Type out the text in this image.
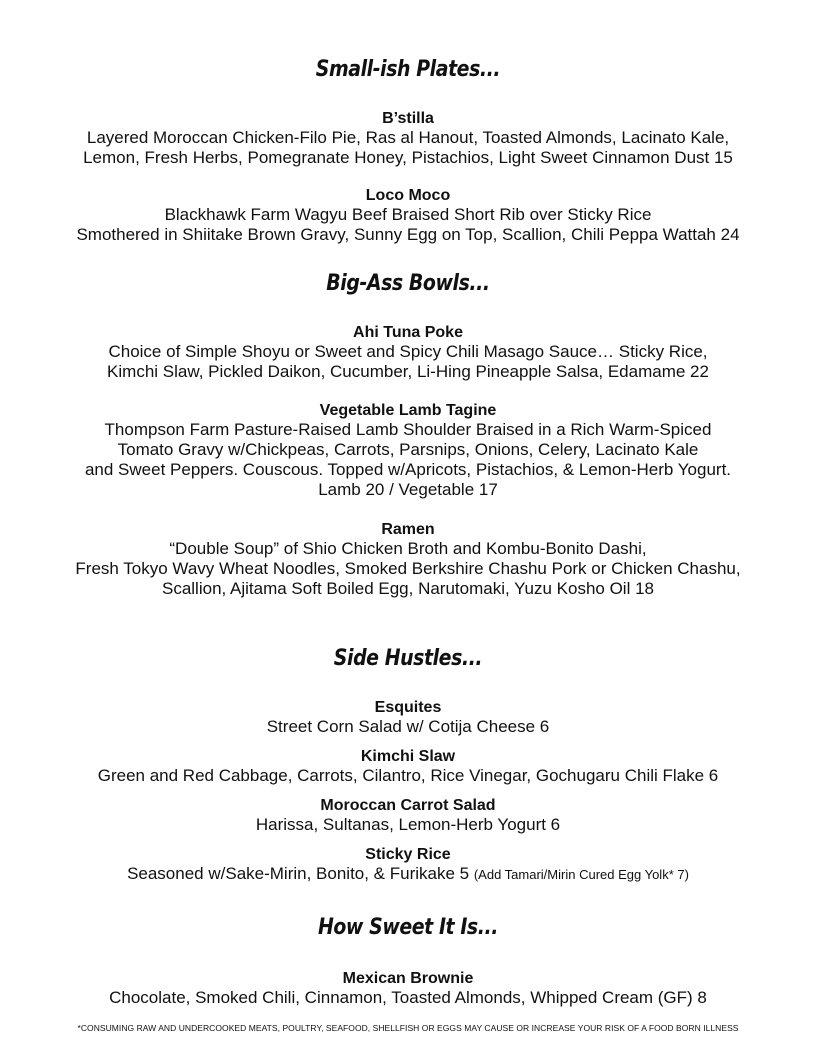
Small-ish Plates...
B’stilla
Layered Moroccan Chicken-Filo Pie, Ras al Hanout, Toasted Almonds, Lacinato Kale,
Lemon, Fresh Herbs, Pomegranate Honey, Pistachios, Light Sweet Cinnamon Dust 15
Loco Moco
Blackhawk Farm Wagyu Beef Braised Short Rib over Sticky Rice
Smothered in Shiitake Brown Gravy, Sunny Egg on Top, Scallion, Chili Peppa Wattah 24
Big-Ass Bowls...
Ahi Tuna Poke
Choice of Simple Shoyu or Sweet and Spicy Chili Masago Sauce… Sticky Rice,
Kimchi Slaw, Pickled Daikon, Cucumber, Li-Hing Pineapple Salsa, Edamame 22
Vegetable Lamb Tagine
Thompson Farm Pasture-Raised Lamb Shoulder Braised in a Rich Warm-Spiced
Tomato Gravy w/Chickpeas, Carrots, Parsnips, Onions, Celery, Lacinato Kale
and Sweet Peppers. Couscous. Topped w/Apricots, Pistachios, & Lemon-Herb Yogurt.
Lamb 20 / Vegetable 17
Ramen
“Double Soup” of Shio Chicken Broth and Kombu-Bonito Dashi,
Fresh Tokyo Wavy Wheat Noodles, Smoked Berkshire Chashu Pork or Chicken Chashu,
Scallion, Ajitama Soft Boiled Egg, Narutomaki, Yuzu Kosho Oil 18
Side Hustles...
Esquites
Street Corn Salad w/ Cotija Cheese 6
Kimchi Slaw
Green and Red Cabbage, Carrots, Cilantro, Rice Vinegar, Gochugaru Chili Flake 6
Moroccan Carrot Salad
Harissa, Sultanas, Lemon-Herb Yogurt 6
Sticky Rice
Seasoned w/Sake-Mirin, Bonito, & Furikake 5 (Add Tamari/Mirin Cured Egg Yolk* 7)
How Sweet It Is...
Mexican Brownie
Chocolate, Smoked Chili, Cinnamon, Toasted Almonds, Whipped Cream (GF) 8
*CONSUMING RAW AND UNDERCOOKED MEATS, POULTRY, SEAFOOD, SHELLFISH OR EGGS MAY CAUSE OR INCREASE YOUR RISK OF A FOOD BORN ILLNESS
